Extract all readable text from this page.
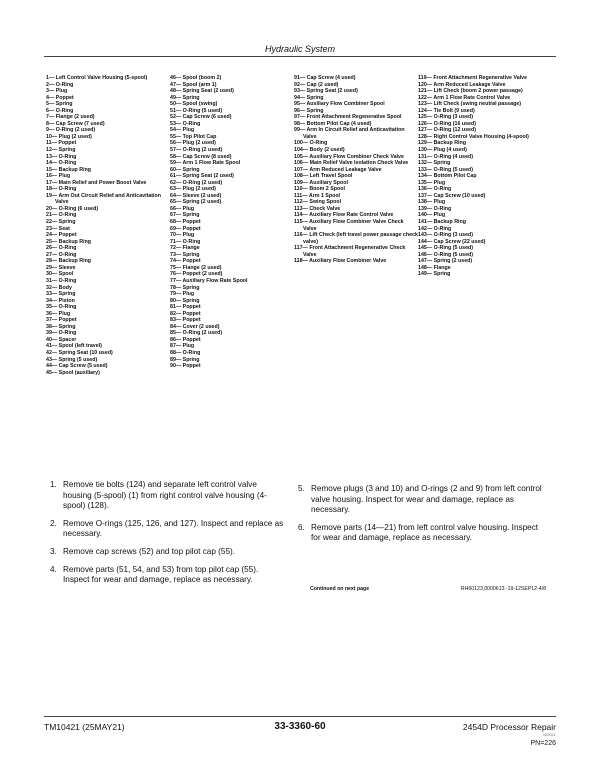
Hydraulic System
1— Left Control Valve Housing (5-spool)
2— O-Ring
3— Plug
4— Poppet
5— Spring
6— O-Ring
7— Flange (2 used)
8— Cap Screw (7 used)
9— O-Ring (2 used)
10— Plug (2 used)
11— Poppet
12— Spring
13— O-Ring
14— O-Ring
15— Backup Ring
16— Plug
17— Main Relief and Power Boost Valve
18— O-Ring
19— Arm Out Circuit Relief and Anticavitation Valve
20— O-Ring (6 used)
21— O-Ring
22— Spring
23— Seat
24— Poppet
25— Backup Ring
26— O-Ring
27— O-Ring
28— Backup Ring
29— Sleeve
30— Spool
31— O-Ring
32— Body
33— Spring
34— Piston
35— O-Ring
36— Plug
37— Poppet
38— Spring
39— O-Ring
40— Spacer
41— Spool (left travel)
42— Spring Seat (10 used)
43— Spring (5 used)
44— Cap Screw (5 used)
45— Spool (auxiliary)
46— Spool (boom 2)
47— Spool (arm 1)
48— Spring Seat (2 used)
49— Spring
50— Spool (swing)
51— O-Ring (5 used)
52— Cap Screw (6 used)
53— O-Ring
54— Plug
55— Top Pilot Cap
56— Plug (2 used)
57— O-Ring (2 used)
58— Cap Screw (8 used)
59— Arm 1 Flow Rate Spool
60— Spring
61— Spring Seat (2 used)
62— O-Ring (2 used)
63— Plug (2 used)
64— Sleeve (2 used)
65— Spring (2 used)
66— Plug
67— Spring
68— Poppet
69— Poppet
70— Plug
71— O-Ring
72— Flange
73— Spring
74— Poppet
75— Flange (2 used)
76— Poppet (2 used)
77— Auxiliary Flow Rate Spool
78— Spring
79— Plug
80— Spring
81— Poppet
82— Poppet
83— Poppet
84— Cover (2 used)
85— O-Ring (2 used)
86— Poppet
87— Plug
88— O-Ring
89— Spring
90— Poppet
91— Cap Screw (4 used)
92— Cap (2 used)
93— Spring Seat (2 used)
94— Spring
95— Auxiliary Flow Combiner Spool
96— Spring
97— Front Attachment Regenerative Spool
98— Bottom Pilot Cap (4 used)
99— Arm In Circuit Relief and Anticavitation Valve
100— O-Ring
104— Body (2 used)
105— Auxiliary Flow Combiner Check Valve
106— Main Relief Valve Isolation Check Valve
107— Arm Reduced Leakage Valve
108— Left Travel Spool
109— Auxiliary Spool
110— Boom 2 Spool
111— Arm 1 Spool
112— Swing Spool
113— Check Valve
114— Auxiliary Flow Rate Control Valve
115— Auxiliary Flow Combiner Valve Check Valve
116— Lift Check (left travel power passage check valve)
117— Front Attachment Regenerative Check Valve
118— Auxiliary Flow Combiner Valve
119— Front Attachment Regenerative Valve
120— Arm Reduced Leakage Valve
121— Lift Check (boom 2 power passage)
122— Arm 1 Flow Rate Control Valve
123— Lift Check (swing neutral passage)
124— Tie Bolt (9 used)
125— O-Ring (3 used)
126— O-Ring (16 used)
127— O-Ring (12 used)
128— Right Control Valve Housing (4-spool)
129— Backup Ring
130— Plug (4 used)
131— O-Ring (4 used)
132— Spring
133— O-Ring (5 used)
134— Bottom Pilot Cap
135— Plug
136— O-Ring
137— Cap Screw (10 used)
138— Plug
139— O-Ring
140— Plug
141— Backup Ring
142— O-Ring
143— O-Ring (3 used)
144— Cap Screw (22 used)
145— O-Ring (5 used)
146— O-Ring (5 used)
147— Spring (2 used)
148— Flange
149— Spring
1. Remove tie bolts (124) and separate left control valve housing (5-spool) (1) from right control valve housing (4-spool) (128).
2. Remove O-rings (125, 126, and 127). Inspect and replace as necessary.
3. Remove cap screws (52) and top pilot cap (55).
4. Remove parts (51, 54, and 53) from top pilot cap (55). Inspect for wear and damage, replace as necessary.
5. Remove plugs (3 and 10) and O-rings (2 and 9) from left control valve housing. Inspect for wear and damage, replace as necessary.
6. Remove parts (14—21) from left control valve housing. Inspect for wear and damage, replace as necessary.
Continued on next page	RH60123,0000613 -19-12SEP12-4/8
TM10421 (25MAY21)	33-3360-60	2454D Processor Repair
052021
PN=226
